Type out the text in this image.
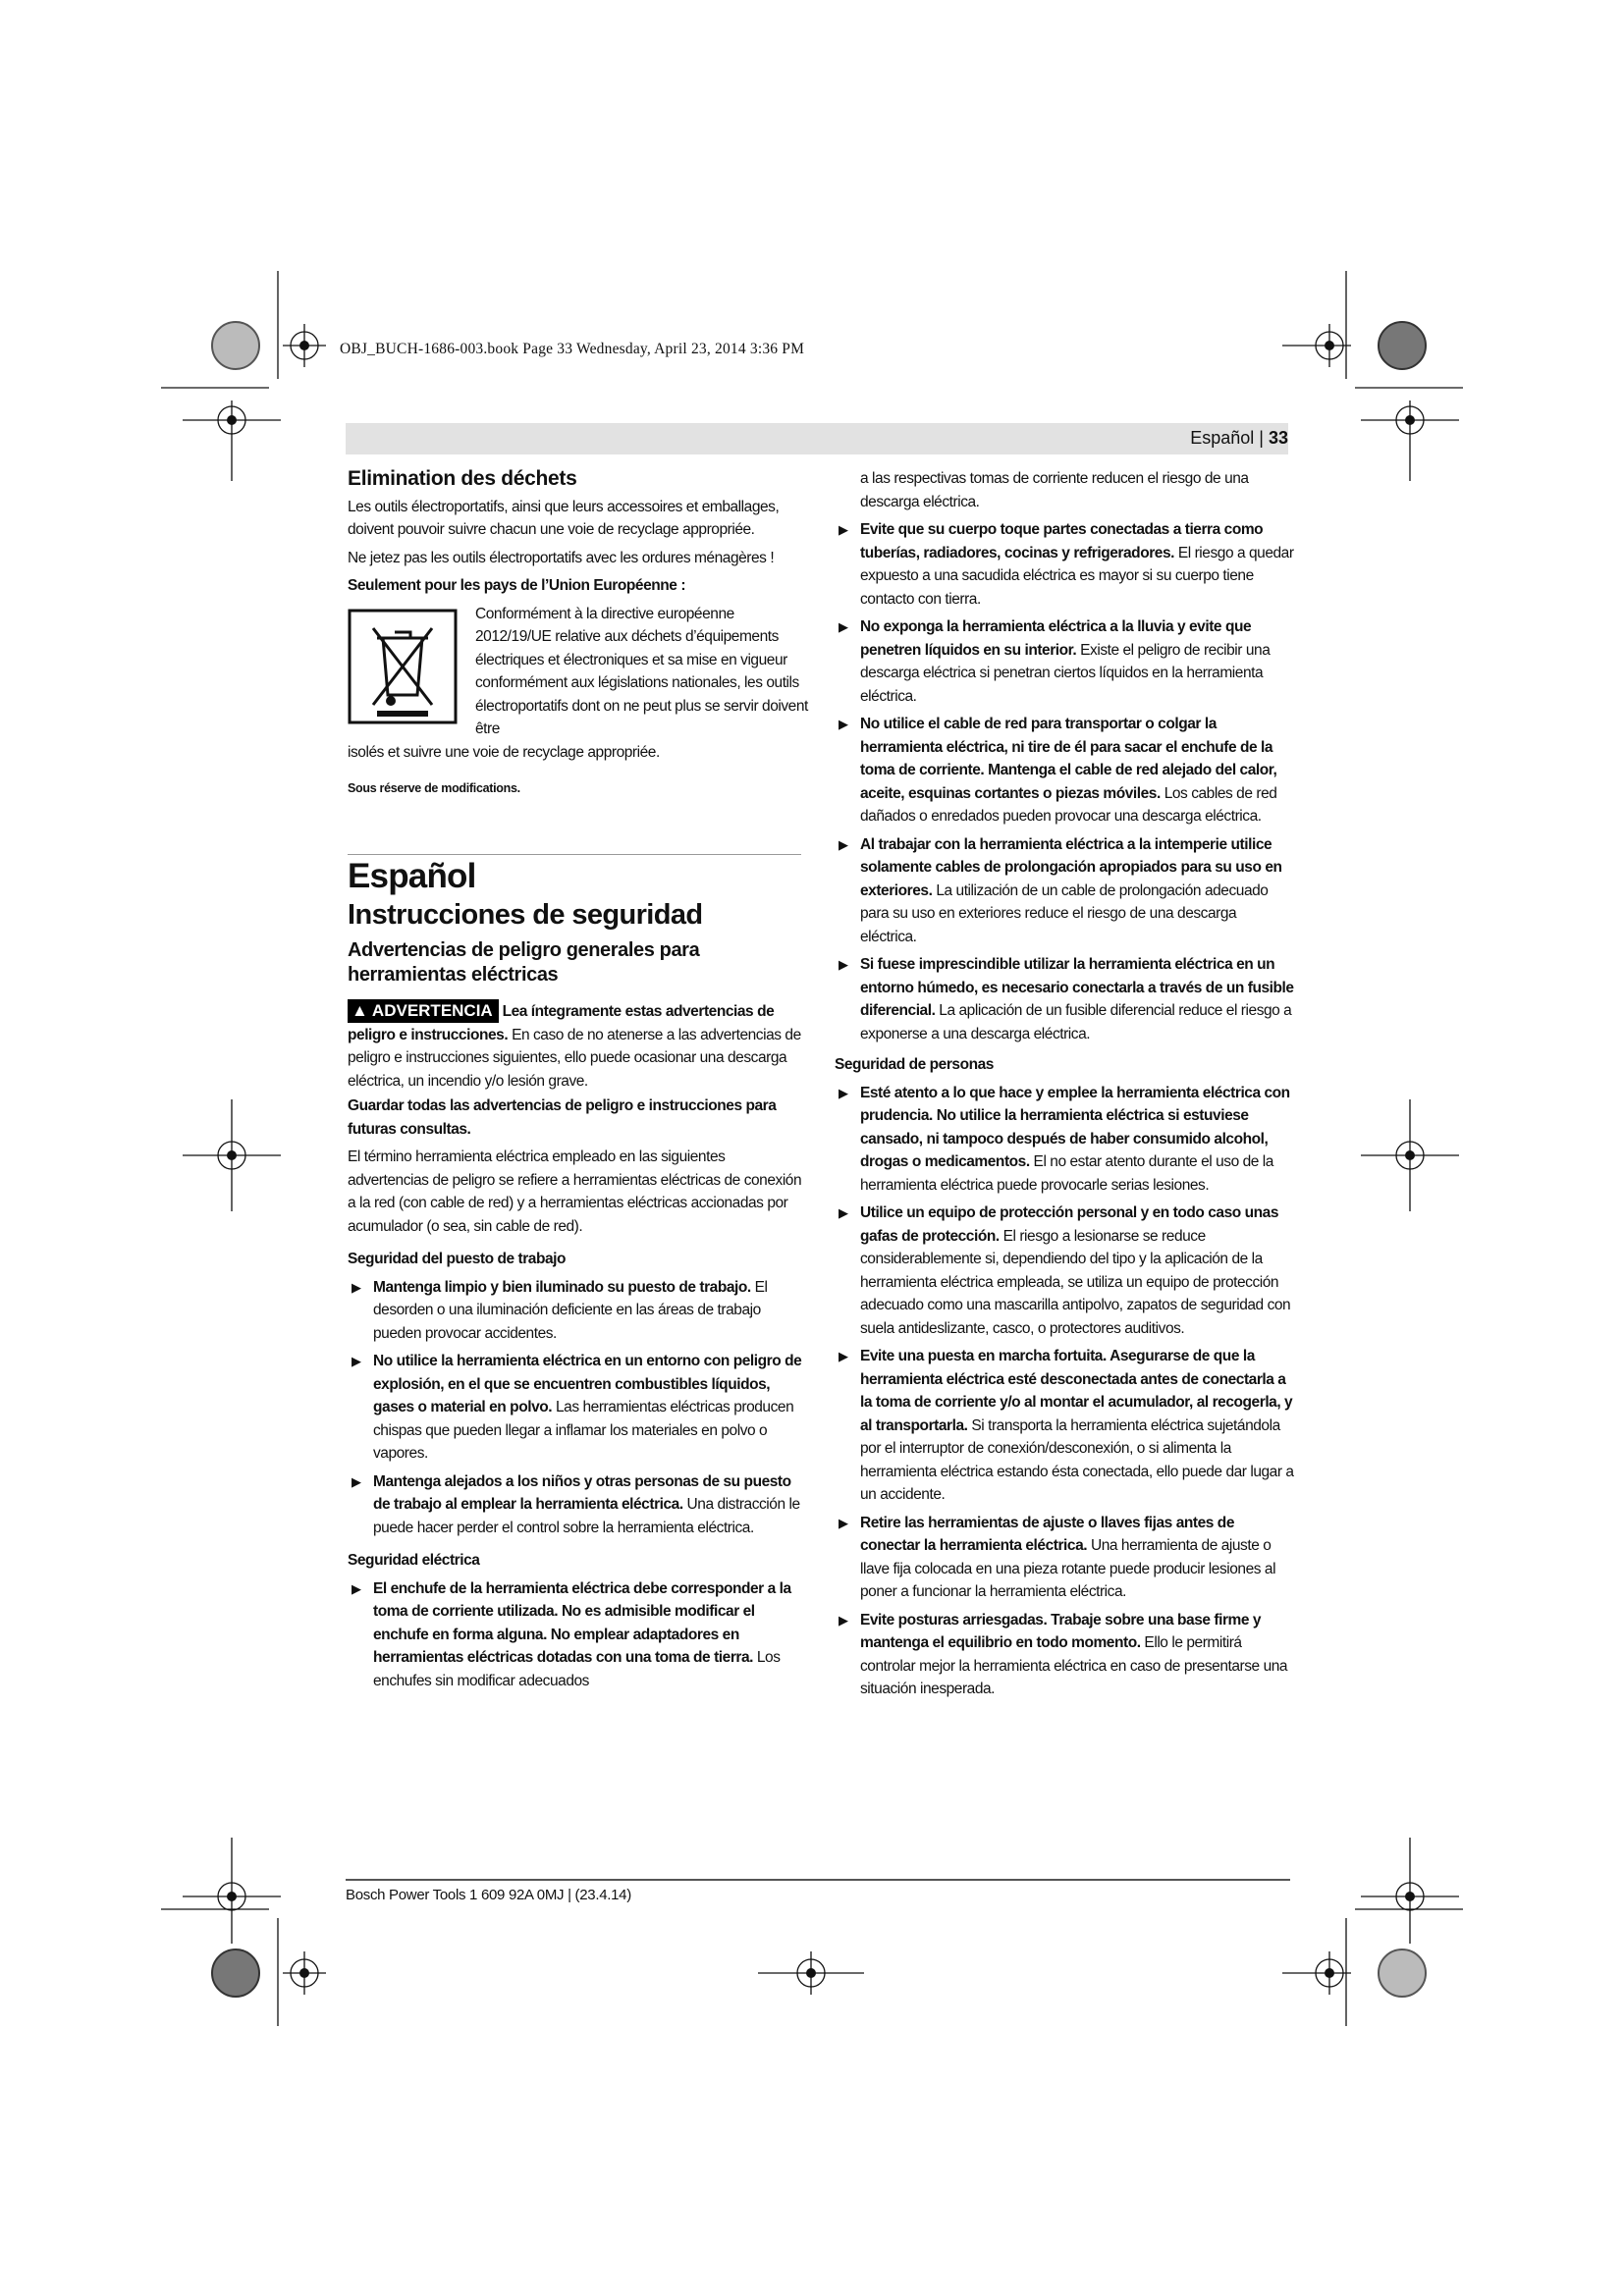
OBJ_BUCH-1686-003.book Page 33 Wednesday, April 23, 2014 3:36 PM
Español | 33

Elimination des déchets

Les outils électroportatifs, ainsi que leurs accessoires et emballages, doivent pouvoir suivre chacun une voie de recyclage appropriée.

Ne jetez pas les outils électroportatifs avec les ordures ménagères !

Seulement pour les pays de l’Union Européenne :

Conformément à la directive européenne 2012/19/UE relative aux déchets d’équipements électriques et électroniques et sa mise en vigueur conformément aux législations nationales, les outils électroportatifs dont on ne peut plus se servir doivent être

isolés et suivre une voie de recyclage appropriée.

Sous réserve de modifications.

Español

Instrucciones de seguridad

Advertencias de peligro generales para herramientas eléctricas

▲ ADVERTENCIA Lea íntegramente estas advertencias de peligro e instrucciones. En caso de no atenerse a las advertencias de peligro e instrucciones siguientes, ello puede ocasionar una descarga eléctrica, un incendio y/o lesión grave.

Guardar todas las advertencias de peligro e instrucciones para futuras consultas.

El término herramienta eléctrica empleado en las siguientes advertencias de peligro se refiere a herramientas eléctricas de conexión a la red (con cable de red) y a herramientas eléctricas accionadas por acumulador (o sea, sin cable de red).

Seguridad del puesto de trabajo

▶ Mantenga limpio y bien iluminado su puesto de trabajo. El desorden o una iluminación deficiente en las áreas de trabajo pueden provocar accidentes.

▶ No utilice la herramienta eléctrica en un entorno con peligro de explosión, en el que se encuentren combustibles líquidos, gases o material en polvo. Las herramientas eléctricas producen chispas que pueden llegar a inflamar los materiales en polvo o vapores.

▶ Mantenga alejados a los niños y otras personas de su puesto de trabajo al emplear la herramienta eléctrica. Una distracción le puede hacer perder el control sobre la herramienta eléctrica.

Seguridad eléctrica

▶ El enchufe de la herramienta eléctrica debe corresponder a la toma de corriente utilizada. No es admisible modificar el enchufe en forma alguna. No emplear adaptadores en herramientas eléctricas dotadas con una toma de tierra. Los enchufes sin modificar adecuados

a las respectivas tomas de corriente reducen el riesgo de una descarga eléctrica.

▶ Evite que su cuerpo toque partes conectadas a tierra como tuberías, radiadores, cocinas y refrigeradores. El riesgo a quedar expuesto a una sacudida eléctrica es mayor si su cuerpo tiene contacto con tierra.

▶ No exponga la herramienta eléctrica a la lluvia y evite que penetren líquidos en su interior. Existe el peligro de recibir una descarga eléctrica si penetran ciertos líquidos en la herramienta eléctrica.

▶ No utilice el cable de red para transportar o colgar la herramienta eléctrica, ni tire de él para sacar el enchufe de la toma de corriente. Mantenga el cable de red alejado del calor, aceite, esquinas cortantes o piezas móviles. Los cables de red dañados o enredados pueden provocar una descarga eléctrica.

▶ Al trabajar con la herramienta eléctrica a la intemperie utilice solamente cables de prolongación apropiados para su uso en exteriores. La utilización de un cable de prolongación adecuado para su uso en exteriores reduce el riesgo de una descarga eléctrica.

▶ Si fuese imprescindible utilizar la herramienta eléctrica en un entorno húmedo, es necesario conectarla a través de un fusible diferencial. La aplicación de un fusible diferencial reduce el riesgo a exponerse a una descarga eléctrica.

Seguridad de personas

▶ Esté atento a lo que hace y emplee la herramienta eléctrica con prudencia. No utilice la herramienta eléctrica si estuviese cansado, ni tampoco después de haber consumido alcohol, drogas o medicamentos. El no estar atento durante el uso de la herramienta eléctrica puede provocarle serias lesiones.

▶ Utilice un equipo de protección personal y en todo caso unas gafas de protección. El riesgo a lesionarse se reduce considerablemente si, dependiendo del tipo y la aplicación de la herramienta eléctrica empleada, se utiliza un equipo de protección adecuado como una mascarilla antipolvo, zapatos de seguridad con suela antideslizante, casco, o protectores auditivos.

▶ Evite una puesta en marcha fortuita. Asegurarse de que la herramienta eléctrica esté desconectada antes de conectarla a la toma de corriente y/o al montar el acumulador, al recogerla, y al transportarla. Si transporta la herramienta eléctrica sujetándola por el interruptor de conexión/desconexión, o si alimenta la herramienta eléctrica estando ésta conectada, ello puede dar lugar a un accidente.

▶ Retire las herramientas de ajuste o llaves fijas antes de conectar la herramienta eléctrica. Una herramienta de ajuste o llave fija colocada en una pieza rotante puede producir lesiones al poner a funcionar la herramienta eléctrica.

▶ Evite posturas arriesgadas. Trabaje sobre una base firme y mantenga el equilibrio en todo momento. Ello le permitirá controlar mejor la herramienta eléctrica en caso de presentarse una situación inesperada.

Bosch Power Tools 1 609 92A 0MJ | (23.4.14)
